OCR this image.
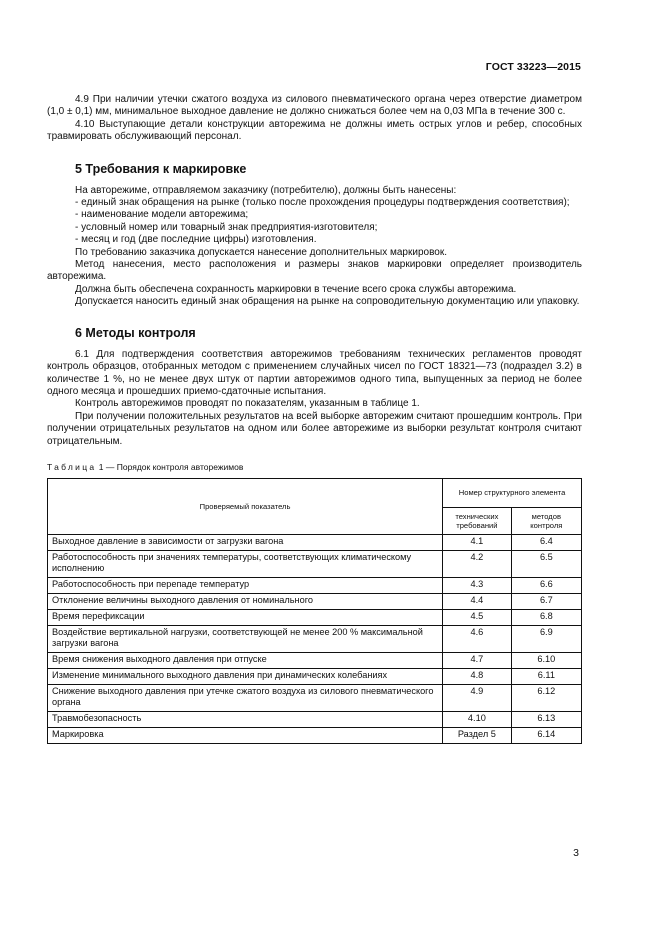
ГОСТ 33223—2015

4.9 При наличии утечки сжатого воздуха из силового пневматического органа через отверстие диаметром (1,0 ± 0,1) мм, минимальное выходное давление не должно снижаться более чем на 0,03 МПа в течение 300 с.

4.10 Выступающие детали конструкции авторежима не должны иметь острых углов и ребер, способных травмировать обслуживающий персонал.

5 Требования к маркировке

На авторежиме, отправляемом заказчику (потребителю), должны быть нанесены:

- единый знак обращения на рынке (только после прохождения процедуры подтверждения соответствия);

- наименование модели авторежима;

- условный номер или товарный знак предприятия-изготовителя;

- месяц и год (две последние цифры) изготовления.

По требованию заказчика допускается нанесение дополнительных маркировок.

Метод нанесения, место расположения и размеры знаков маркировки определяет производитель авторежима.

Должна быть обеспечена сохранность маркировки в течение всего срока службы авторежима.

Допускается наносить единый знак обращения на рынке на сопроводительную документацию или упаковку.

6 Методы контроля

6.1 Для подтверждения соответствия авторежимов требованиям технических регламентов проводят контроль образцов, отобранных методом с применением случайных чисел по ГОСТ 18321—73 (подраздел 3.2) в количестве 1 %, но не менее двух штук от партии авторежимов одного типа, выпущенных за период не более одного месяца и прошедших приемо-сдаточные испытания.

Контроль авторежимов проводят по показателям, указанным в таблице 1.

При получении положительных результатов на всей выборке авторежим считают прошедшим контроль. При получении отрицательных результатов на одном или более авторежиме из выборки результат контроля считают отрицательным.

Таблица 1 — Порядок контроля авторежимов
Проверяемый показатель	Номер структурного элемента	
	технических требований	методов контроля
Выходное давление в зависимости от загрузки вагона	4.1	6.4
Работоспособность при значениях температуры, соответствующих климатическому исполнению	4.2	6.5
Работоспособность при перепаде температур	4.3	6.6
Отклонение величины выходного давления от номинального	4.4	6.7
Время перефиксации	4.5	6.8
Воздействие вертикальной нагрузки, соответствующей не менее 200 % максимальной загрузки вагона	4.6	6.9
Время снижения выходного давления при отпуске	4.7	6.10
Изменение минимального выходного давления при динамических колебаниях	4.8	6.11
Снижение выходного давления при утечке сжатого воздуха из силового пневматического органа	4.9	6.12
Травмобезопасность	4.10	6.13
Маркировка	Раздел 5	6.14
3
